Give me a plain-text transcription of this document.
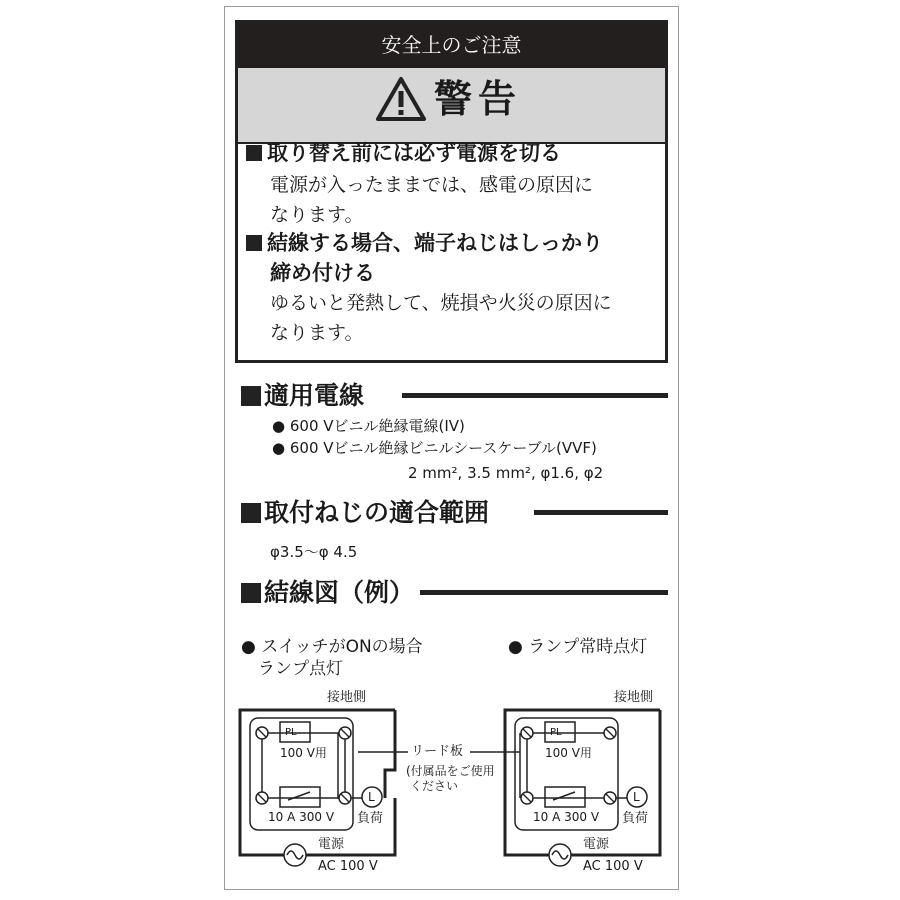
安全上のご注意
警告
取り替え前には必ず電源を切る
電源が入ったままでは、感電の原因に
なります。
結線する場合、端子ねじはしっかり
締め付ける
ゆるいと発熱して、焼損や火災の原因に
なります。
適用電線
● 600 Vビニル絶縁電線(IV)
● 600 Vビニル絶縁ビニルシースケーブル(VVF)
2 mm², 3.5 mm², φ1.6, φ2
取付ねじの適合範囲
φ3.5〜φ 4.5
結線図（例）
● スイッチがONの場合
ランプ点灯
● ランプ常時点灯
接地側	接地側
PL	PL
100 V用	100 V用
リード板
(付属品をご使用
ください
10 A 300 V	10 A 300 V
L	L
負荷	負荷
電源	電源
AC 100 V	AC 100 V
